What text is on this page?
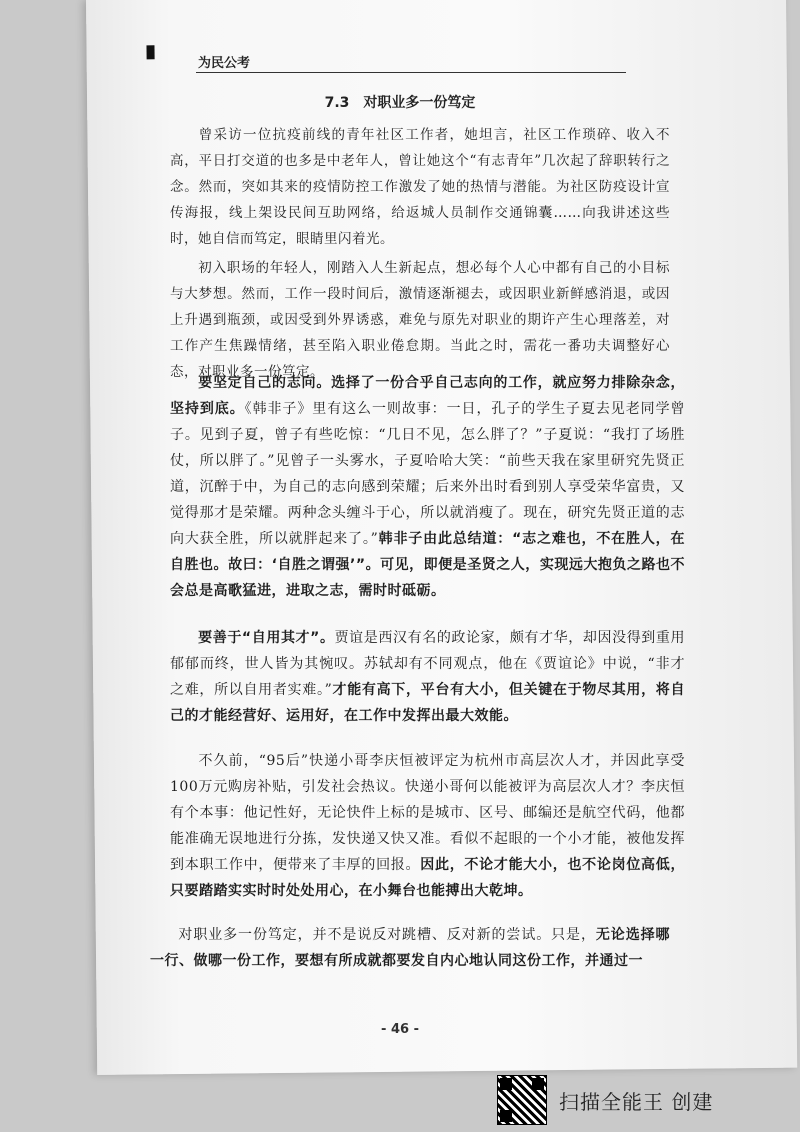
为民公考
7.3　对职业多一份笃定

曾采访一位抗疫前线的青年社区工作者，她坦言，社区工作琐碎、收入不高，平日打交道的也多是中老年人，曾让她这个“有志青年”几次起了辞职转行之念。然而，突如其来的疫情防控工作激发了她的热情与潜能。为社区防疫设计宣传海报，线上架设民间互助网络，给返城人员制作交通锦囊……向我讲述这些时，她自信而笃定，眼睛里闪着光。

初入职场的年轻人，刚踏入人生新起点，想必每个人心中都有自己的小目标与大梦想。然而，工作一段时间后，激情逐渐褪去，或因职业新鲜感消退，或因上升遇到瓶颈，或因受到外界诱惑，难免与原先对职业的期许产生心理落差，对工作产生焦躁情绪，甚至陷入职业倦怠期。当此之时，需花一番功夫调整好心态，对职业多一份笃定。

要坚定自己的志向。选择了一份合乎自己志向的工作，就应努力排除杂念，坚持到底。《韩非子》里有这么一则故事：一日，孔子的学生子夏去见老同学曾子。见到子夏，曾子有些吃惊：“几日不见，怎么胖了？”子夏说：“我打了场胜仗，所以胖了。”见曾子一头雾水，子夏哈哈大笑：“前些天我在家里研究先贤正道，沉醉于中，为自己的志向感到荣耀；后来外出时看到别人享受荣华富贵，又觉得那才是荣耀。两种念头缠斗于心，所以就消瘦了。现在，研究先贤正道的志向大获全胜，所以就胖起来了。”韩非子由此总结道：“志之难也，不在胜人，在自胜也。故曰：‘自胜之谓强’”。可见，即便是圣贤之人，实现远大抱负之路也不会总是高歌猛进，进取之志，需时时砥砺。

要善于“自用其才”。贾谊是西汉有名的政论家，颇有才华，却因没得到重用郁郁而终，世人皆为其惋叹。苏轼却有不同观点，他在《贾谊论》中说，“非才之难，所以自用者实难。”才能有高下，平台有大小，但关键在于物尽其用，将自己的才能经营好、运用好，在工作中发挥出最大效能。

不久前，“95后”快递小哥李庆恒被评定为杭州市高层次人才，并因此享受100万元购房补贴，引发社会热议。快递小哥何以能被评为高层次人才？李庆恒有个本事：他记性好，无论快件上标的是城市、区号、邮编还是航空代码，他都能准确无误地进行分拣，发快递又快又准。看似不起眼的一个小才能，被他发挥到本职工作中，便带来了丰厚的回报。因此，不论才能大小，也不论岗位高低，只要踏踏实实时时处处用心，在小舞台也能搏出大乾坤。

对职业多一份笃定，并不是说反对跳槽、反对新的尝试。只是，无论选择哪一行、做哪一份工作，要想有所成就都要发自内心地认同这份工作，并通过一

- 46 -
扫描全能王 创建
